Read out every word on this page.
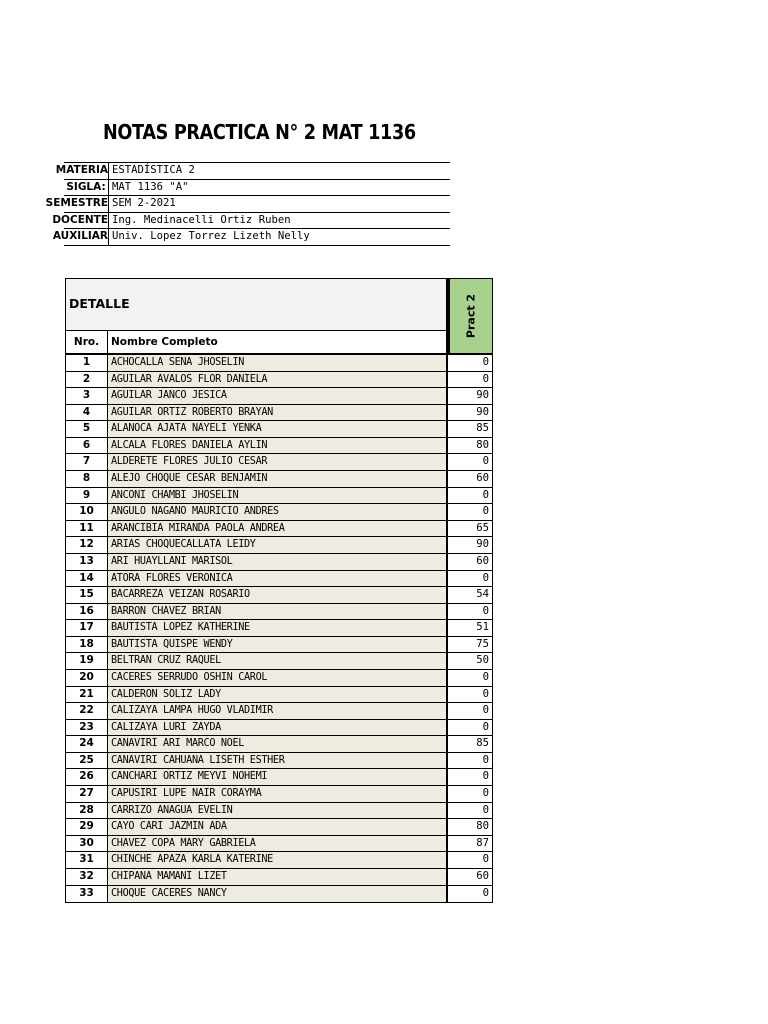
NOTAS PRACTICA N° 2 MAT 1136
MATERIA ESTADÍSTICA 2
SIGLA: MAT 1136 "A"
SEMESTRE SEM 2-2021
DOCENTE Ing. Medinacelli Ortiz Ruben
AUXILIAR Univ. Lopez Torrez Lizeth Nelly
DETALLE
Nro.	Nombre Completo
Pract 2
1	ACHOCALLA SENA JHOSELIN	0
2	AGUILAR AVALOS FLOR DANIELA	0
3	AGUILAR JANCO JESICA	90
4	AGUILAR ORTIZ ROBERTO BRAYAN	90
5	ALANOCA AJATA NAYELI YENKA	85
6	ALCALA FLORES DANIELA AYLIN	80
7	ALDERETE FLORES JULIO CESAR	0
8	ALEJO CHOQUE CESAR BENJAMIN	60
9	ANCONI CHAMBI JHOSELIN	0
10	ANGULO NAGANO MAURICIO ANDRES	0
11	ARANCIBIA MIRANDA PAOLA ANDREA	65
12	ARIAS CHOQUECALLATA LEIDY	90
13	ARI HUAYLLANI MARISOL	60
14	ATORA FLORES VERONICA	0
15	BACARREZA VEIZAN ROSARIO	54
16	BARRON CHAVEZ BRIAN	0
17	BAUTISTA LOPEZ KATHERINE	51
18	BAUTISTA QUISPE WENDY	75
19	BELTRAN CRUZ RAQUEL	50
20	CACERES SERRUDO OSHIN CAROL	0
21	CALDERON SOLIZ LADY	0
22	CALIZAYA LAMPA HUGO VLADIMIR	0
23	CALIZAYA LURI ZAYDA	0
24	CANAVIRI ARI MARCO NOEL	85
25	CANAVIRI CAHUANA LISETH ESTHER	0
26	CANCHARI ORTIZ MEYVI NOHEMI	0
27	CAPUSIRI LUPE NAIR CORAYMA	0
28	CARRIZO ANAGUA EVELIN	0
29	CAYO CARI JAZMIN ADA	80
30	CHAVEZ COPA MARY GABRIELA	87
31	CHINCHE APAZA KARLA KATERINE	0
32	CHIPANA MAMANI LIZET	60
33	CHOQUE CACERES NANCY	0
